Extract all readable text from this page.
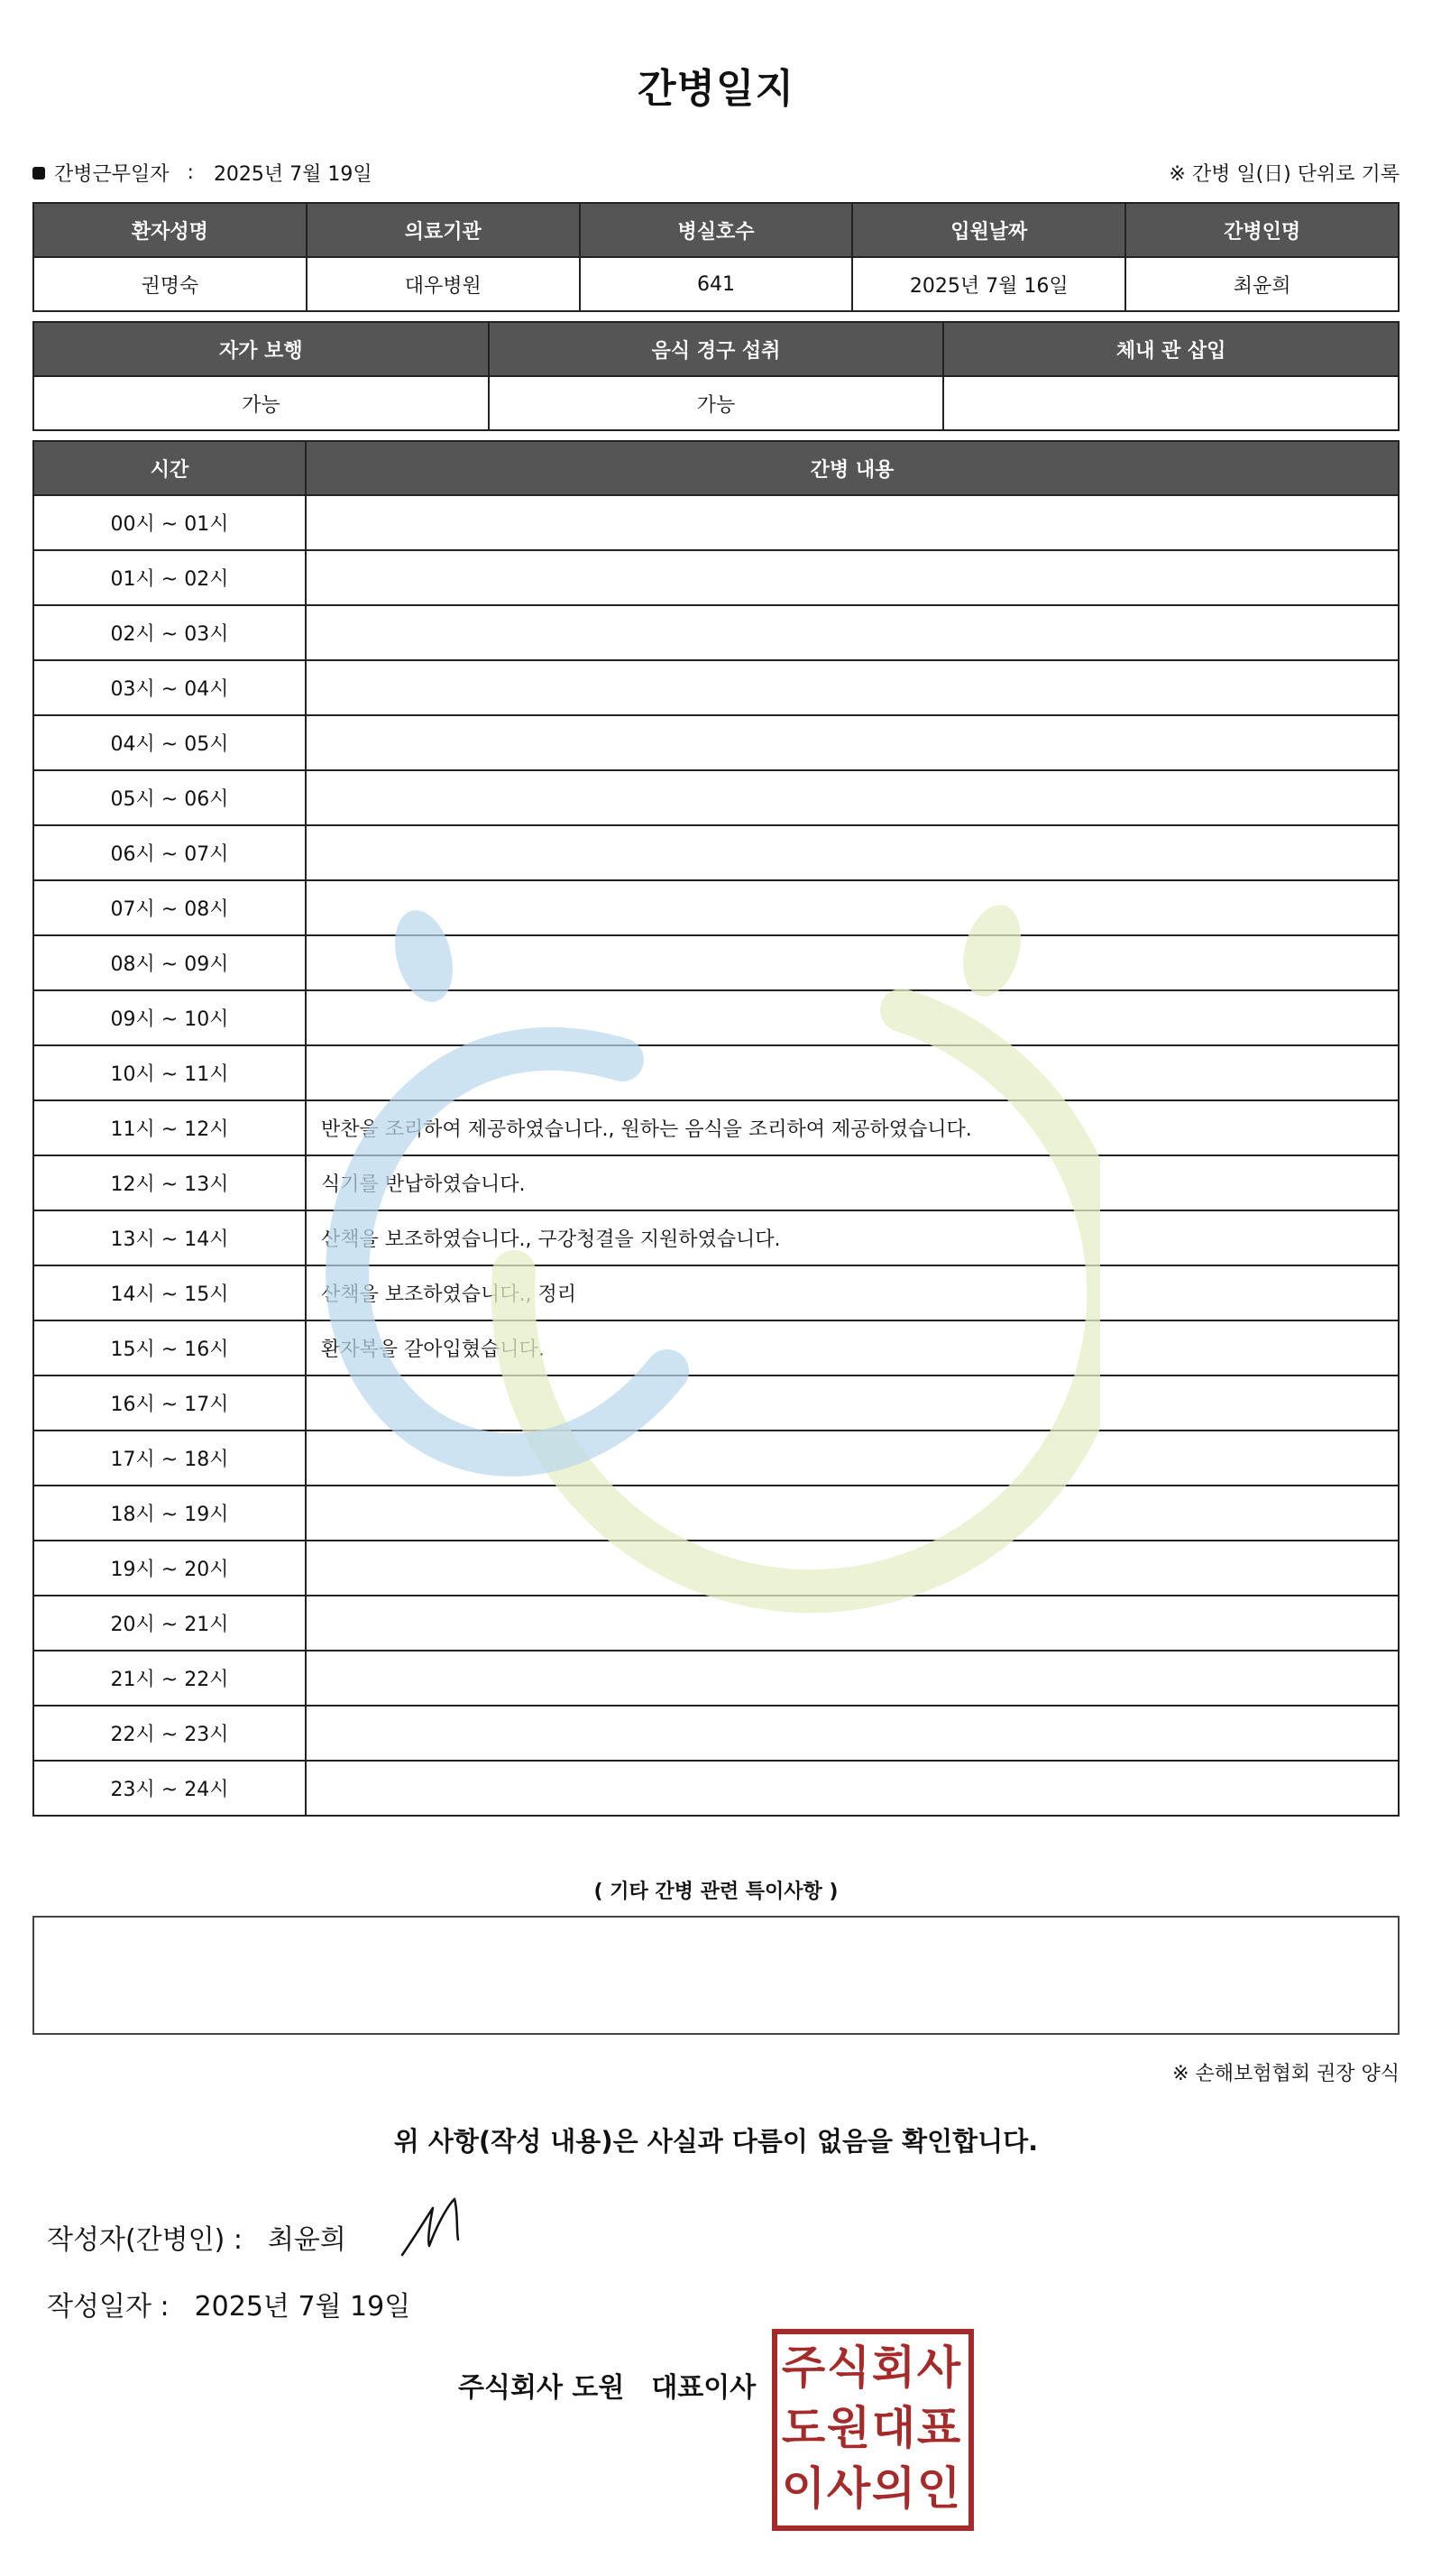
간병일지
간병근무일자 : 2025년 7월 19일	※ 간병 일(日) 단위로 기록
환자성명	의료기관	병실호수	입원날짜	간병인명
권명숙	대우병원	641	2025년 7월 16일	최윤희
자가 보행	음식 경구 섭취	체내 관 삽입
가능	가능	
시간	간병 내용
00시 ~ 01시	
01시 ~ 02시	
02시 ~ 03시	
03시 ~ 04시	
04시 ~ 05시	
05시 ~ 06시	
06시 ~ 07시	
07시 ~ 08시	
08시 ~ 09시	
09시 ~ 10시	
10시 ~ 11시	
11시 ~ 12시	반찬을 조리하여 제공하였습니다., 원하는 음식을 조리하여 제공하였습니다.
12시 ~ 13시	식기를 반납하였습니다.
13시 ~ 14시	산책을 보조하였습니다., 구강청결을 지원하였습니다.
14시 ~ 15시	산책을 보조하였습니다., 정리
15시 ~ 16시	환자복을 갈아입혔습니다.
16시 ~ 17시	
17시 ~ 18시	
18시 ~ 19시	
19시 ~ 20시	
20시 ~ 21시	
21시 ~ 22시	
22시 ~ 23시	
23시 ~ 24시	
( 기타 간병 관련 특이사항 )
※ 손해보험협회 권장 양식
위 사항(작성 내용)은 사실과 다름이 없음을 확인합니다.
작성자(간병인) : 최윤희
작성일자 : 2025년 7월 19일
주식회사 도원 대표이사 주 식 회 사
도 원 대 표
이 사 의 인
